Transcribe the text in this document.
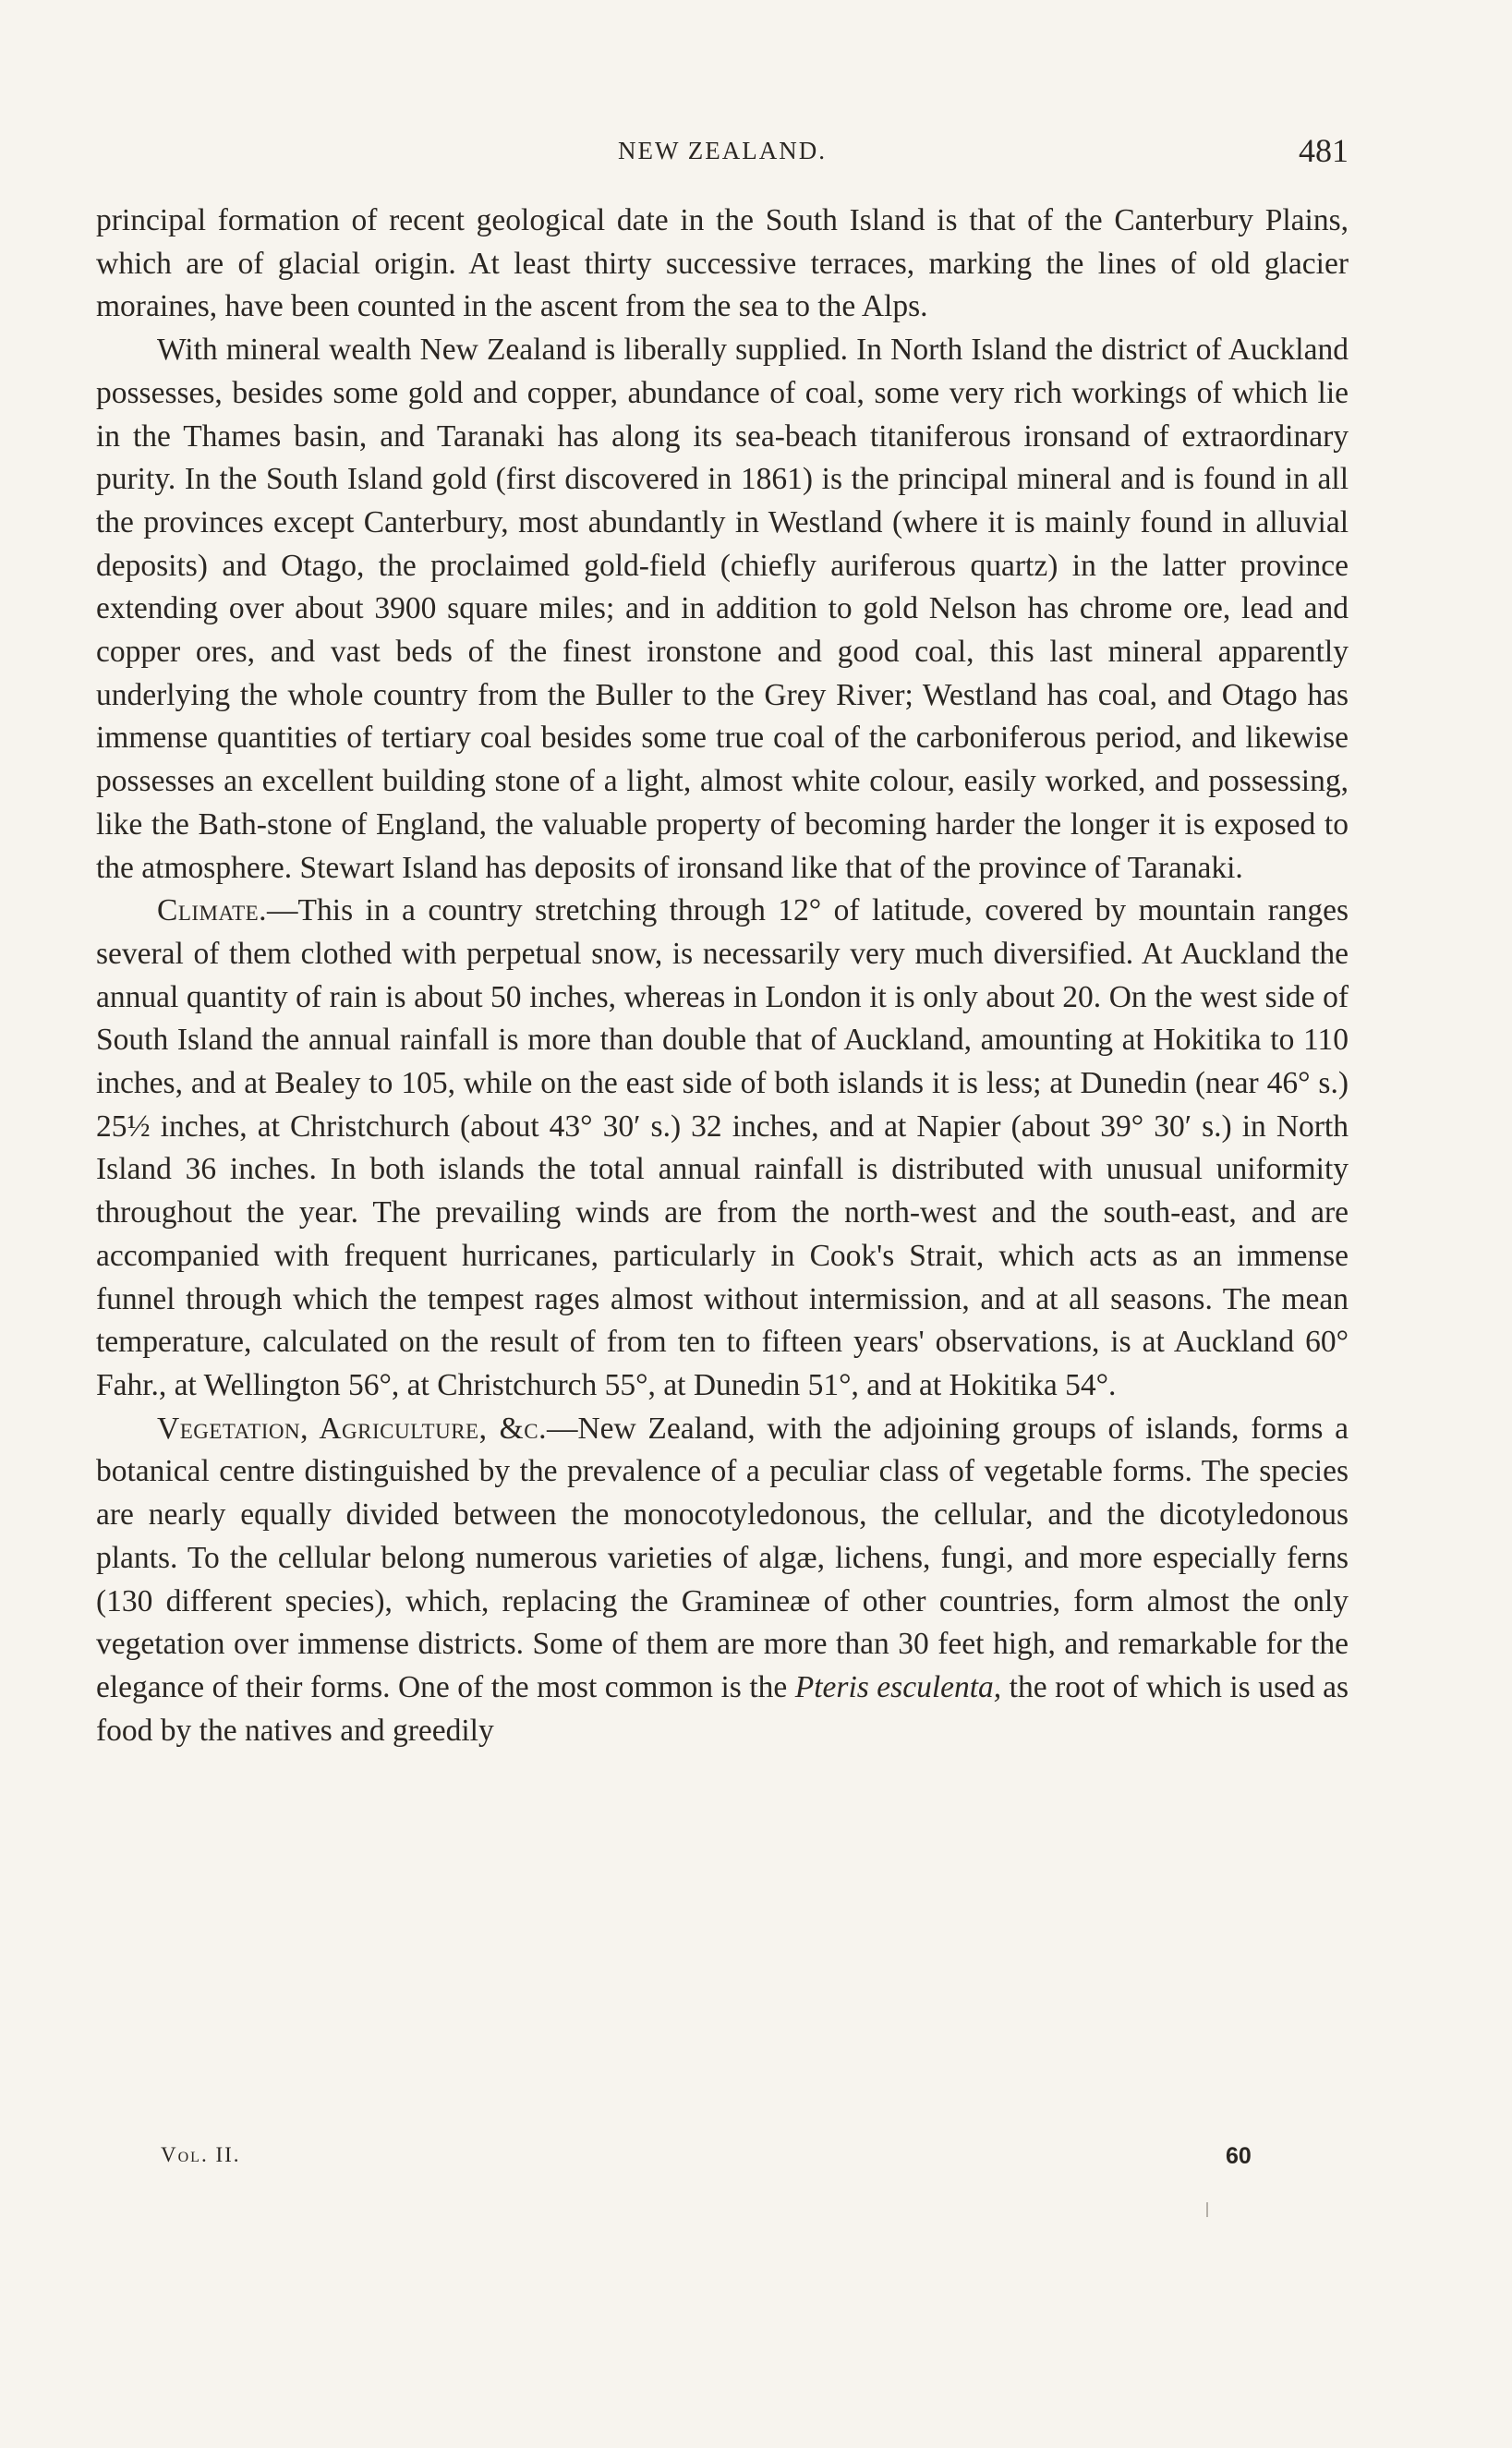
NEW ZEALAND.	481

principal formation of recent geological date in the South Island is that of the Canterbury Plains, which are of glacial origin. At least thirty successive terraces, marking the lines of old glacier moraines, have been counted in the ascent from the sea to the Alps.

With mineral wealth New Zealand is liberally supplied. In North Island the district of Auckland possesses, besides some gold and copper, abundance of coal, some very rich workings of which lie in the Thames basin, and Taranaki has along its sea-beach titaniferous ironsand of extraordinary purity. In the South Island gold (first discovered in 1861) is the principal mineral and is found in all the provinces except Canterbury, most abundantly in Westland (where it is mainly found in alluvial deposits) and Otago, the proclaimed gold-field (chiefly auriferous quartz) in the latter province extending over about 3900 square miles; and in addition to gold Nelson has chrome ore, lead and copper ores, and vast beds of the finest ironstone and good coal, this last mineral apparently underlying the whole country from the Buller to the Grey River; Westland has coal, and Otago has immense quantities of tertiary coal besides some true coal of the carboniferous period, and likewise possesses an excellent building stone of a light, almost white colour, easily worked, and possessing, like the Bath-stone of England, the valuable property of becoming harder the longer it is exposed to the atmosphere. Stewart Island has deposits of ironsand like that of the province of Taranaki.

Climate.—This in a country stretching through 12° of latitude, covered by mountain ranges several of them clothed with perpetual snow, is necessarily very much diversified. At Auckland the annual quantity of rain is about 50 inches, whereas in London it is only about 20. On the west side of South Island the annual rainfall is more than double that of Auckland, amounting at Hokitika to 110 inches, and at Bealey to 105, while on the east side of both islands it is less; at Dunedin (near 46° s.) 25½ inches, at Christchurch (about 43° 30′ s.) 32 inches, and at Napier (about 39° 30′ s.) in North Island 36 inches. In both islands the total annual rainfall is distributed with unusual uniformity throughout the year. The prevailing winds are from the north-west and the south-east, and are accompanied with frequent hurricanes, particularly in Cook's Strait, which acts as an immense funnel through which the tempest rages almost without intermission, and at all seasons. The mean temperature, calculated on the result of from ten to fifteen years' observations, is at Auckland 60° Fahr., at Wellington 56°, at Christchurch 55°, at Dunedin 51°, and at Hokitika 54°.

Vegetation, Agriculture, &c.—New Zealand, with the adjoining groups of islands, forms a botanical centre distinguished by the prevalence of a peculiar class of vegetable forms. The species are nearly equally divided between the monocotyledonous, the cellular, and the dicotyledonous plants. To the cellular belong numerous varieties of algæ, lichens, fungi, and more especially ferns (130 different species), which, replacing the Gramineæ of other countries, form almost the only vegetation over immense districts. Some of them are more than 30 feet high, and remarkable for the elegance of their forms. One of the most common is the Pteris esculenta, the root of which is used as food by the natives and greedily

Vol. II.	60
